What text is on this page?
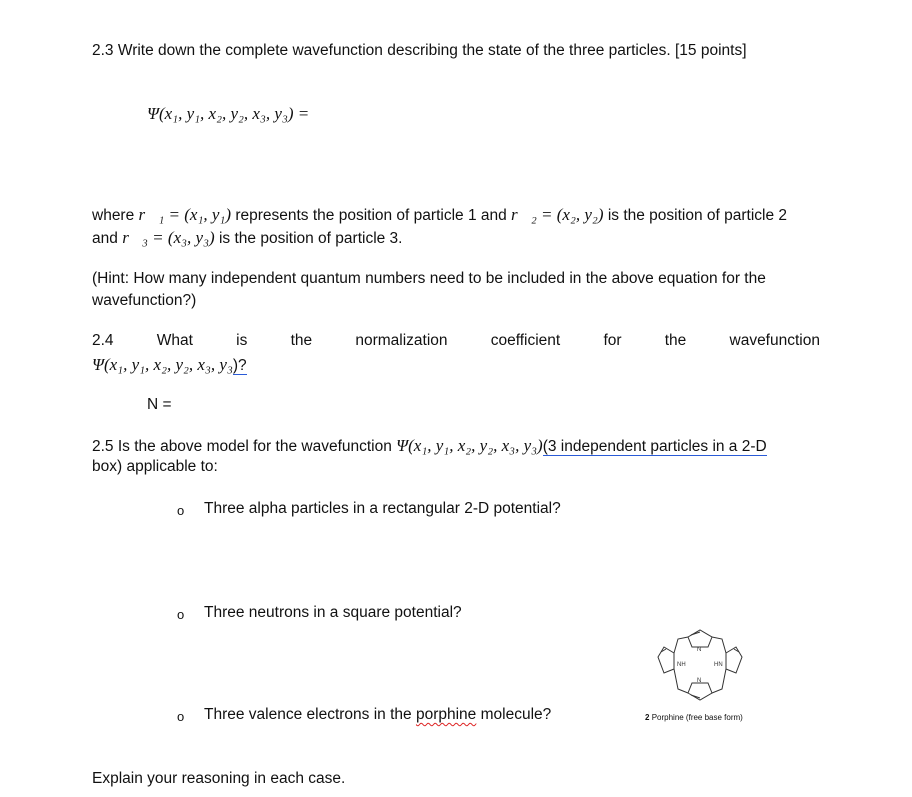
2.3 Write down the complete wavefunction describing the state of the three particles. [15 points]
Ψ(x₁, y₁, x₂, y₂, x₃, y₃) =
where r⃗₁ = (x₁, y₁) represents the position of particle 1 and r⃗₂ = (x₂, y₂) is the position of particle 2
and r⃗₃ = (x₃, y₃) is the position of particle 3.
(Hint: How many independent quantum numbers need to be included in the above equation for the
wavefunction?)
2.4	What	is	the	normalization	coefficient	for	the	wavefunction
Ψ(x₁, y₁, x₂, y₂, x₃, y₃)?
N =
2.5 Is the above model for the wavefunction Ψ(x₁, y₁, x₂, y₂, x₃, y₃)(3 independent particles in a 2-D
box) applicable to:
o Three alpha particles in a rectangular 2-D potential?
o Three neutrons in a square potential?
o Three valence electrons in the porphine molecule?
Explain your reasoning in each case.
N
NH	HN
N
2 Porphine (free base form)
